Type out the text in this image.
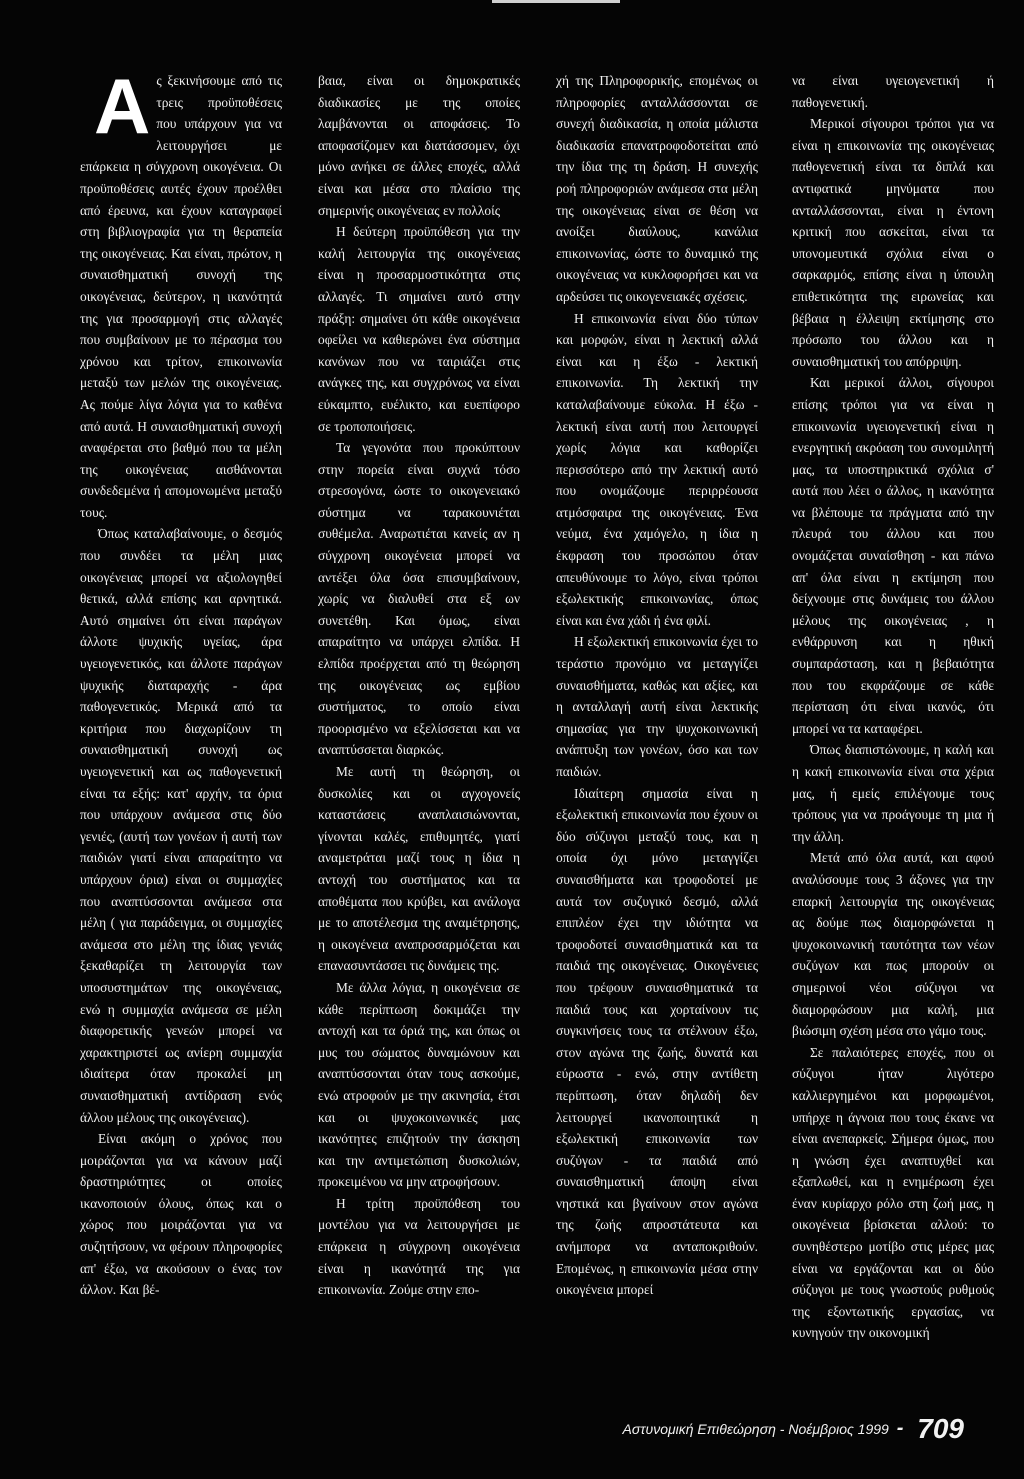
Ας ξεκινήσουμε από τις τρεις προϋποθέσεις που υπάρχουν για να λειτουργήσει με επάρκεια η σύγχρονη οικογένεια. Οι προϋποθέσεις αυτές έχουν προέλθει από έρευνα, και έχουν καταγραφεί στη βιβλιογραφία για τη θεραπεία της οικογένειας. Και είναι, πρώτον, η συναισθηματική συνοχή της οικογένειας, δεύτερον, η ικανότητά της για προσαρμογή στις αλλαγές που συμβαίνουν με το πέρασμα του χρόνου και τρίτον, επικοινωνία μεταξύ των μελών της οικογένειας. Ας πούμε λίγα λόγια για το καθένα από αυτά. Η συναισθηματική συνοχή αναφέρεται στο βαθμό που τα μέλη της οικογένειας αισθάνονται συνδεδεμένα ή απομονωμένα μεταξύ τους.

Όπως καταλαβαίνουμε, ο δεσμός που συνδέει τα μέλη μιας οικογένειας μπορεί να αξιολογηθεί θετικά, αλλά επίσης και αρνητικά. Αυτό σημαίνει ότι είναι παράγων άλλοτε ψυχικής υγείας, άρα υγειογενετικός, και άλλοτε παράγων ψυχικής διαταραχής - άρα παθογενετικός. Μερικά από τα κριτήρια που διαχωρίζουν τη συναισθηματική συνοχή ως υγειογενετική και ως παθογενετική είναι τα εξής: κατ' αρχήν, τα όρια που υπάρχουν ανάμεσα στις δύο γενιές, (αυτή των γονέων ή αυτή των παιδιών γιατί είναι απαραίτητο να υπάρχουν όρια) είναι οι συμμαχίες που αναπτύσσονται ανάμεσα στα μέλη ( για παράδειγμα, οι συμμαχίες ανάμεσα στο μέλη της ίδιας γενιάς ξεκαθαρίζει τη λειτουργία των υποσυστημάτων της οικογένειας, ενώ η συμμαχία ανάμεσα σε μέλη διαφορετικής γενεών μπορεί να χαρακτηριστεί ως ανίερη συμμαχία ιδιαίτερα όταν προκαλεί μη συναισθηματική αντίδραση ενός άλλου μέλους της οικογένειας).

Είναι ακόμη ο χρόνος που μοιράζονται για να κάνουν μαζί δραστηριότητες οι οποίες ικανοποιούν όλους, όπως και ο χώρος που μοιράζονται για να συζητήσουν, να φέρουν πληροφορίες απ' έξω, να ακούσουν ο ένας τον άλλον. Και βέ-

βαια, είναι οι δημοκρατικές διαδικασίες με της οποίες λαμβάνονται οι αποφάσεις. Το αποφασίζομεν και διατάσσομεν, όχι μόνο ανήκει σε άλλες εποχές, αλλά είναι και μέσα στο πλαίσιο της σημερινής οικογένειας εν πολλοίς

Η δεύτερη προϋπόθεση για την καλή λειτουργία της οικογένειας είναι η προσαρμοστικότητα στις αλλαγές. Τι σημαίνει αυτό στην πράξη: σημαίνει ότι κάθε οικογένεια οφείλει να καθιερώνει ένα σύστημα κανόνων που να ταιριάζει στις ανάγκες της, και συγχρόνως να είναι εύκαμπτο, ευέλικτο, και ευεπίφορο σε τροποποιήσεις.

Τα γεγονότα που προκύπτουν στην πορεία είναι συχνά τόσο στρεσογόνα, ώστε το οικογενειακό σύστημα να ταρακουνιέται συθέμελα. Αναρωτιέται κανείς αν η σύγχρονη οικογένεια μπορεί να αντέξει όλα όσα επισυμβαίνουν, χωρίς να διαλυθεί στα εξ ων συνετέθη. Και όμως, είναι απαραίτητο να υπάρχει ελπίδα. Η ελπίδα προέρχεται από τη θεώρηση της οικογένειας ως εμβίου συστήματος, το οποίο είναι προορισμένο να εξελίσσεται και να αναπτύσσεται διαρκώς.

Με αυτή τη θεώρηση, οι δυσκολίες και οι αγχογονείς καταστάσεις αναπλαισιώνονται, γίνονται καλές, επιθυμητές, γιατί αναμετράται μαζί τους η ίδια η αντοχή του συστήματος και τα αποθέματα που κρύβει, και ανάλογα με το αποτέλεσμα της αναμέτρησης, η οικογένεια αναπροσαρμόζεται και επανασυντάσσει τις δυνάμεις της.

Με άλλα λόγια, η οικογένεια σε κάθε περίπτωση δοκιμάζει την αντοχή και τα όριά της, και όπως οι μυς του σώματος δυναμώνουν και αναπτύσσονται όταν τους ασκούμε, ενώ ατροφούν με την ακινησία, έτσι και οι ψυχοκοινωνικές μας ικανότητες επιζητούν την άσκηση και την αντιμετώπιση δυσκολιών, προκειμένου να μην ατροφήσουν.

Η τρίτη προϋπόθεση του μοντέλου για να λειτουργήσει με επάρκεια η σύγχρονη οικογένεια είναι η ικανότητά της για επικοινωνία. Ζούμε στην επο-

χή της Πληροφορικής, επομένως οι πληροφορίες ανταλλάσσονται σε συνεχή διαδικασία, η οποία μάλιστα διαδικασία επανατροφοδοτείται από την ίδια της τη δράση. Η συνεχής ροή πληροφοριών ανάμεσα στα μέλη της οικογένειας είναι σε θέση να ανοίξει διαύλους, κανάλια επικοινωνίας, ώστε το δυναμικό της οικογένειας να κυκλοφορήσει και να αρδεύσει τις οικογενειακές σχέσεις.

Η επικοινωνία είναι δύο τύπων και μορφών, είναι η λεκτική αλλά είναι και η έξω - λεκτική επικοινωνία. Τη λεκτική την καταλαβαίνουμε εύκολα. Η έξω - λεκτική είναι αυτή που λειτουργεί χωρίς λόγια και καθορίζει περισσότερο από την λεκτική αυτό που ονομάζουμε περιρρέουσα ατμόσφαιρα της οικογένειας. Ένα νεύμα, ένα χαμόγελο, η ίδια η έκφραση του προσώπου όταν απευθύνουμε το λόγο, είναι τρόποι εξωλεκτικής επικοινωνίας, όπως είναι και ένα χάδι ή ένα φιλί.

Η εξωλεκτική επικοινωνία έχει το τεράστιο προνόμιο να μεταγγίζει συναισθήματα, καθώς και αξίες, και η ανταλλαγή αυτή είναι λεκτικής σημασίας για την ψυχοκοινωνική ανάπτυξη των γονέων, όσο και των παιδιών.

Ιδιαίτερη σημασία είναι η εξωλεκτική επικοινωνία που έχουν οι δύο σύζυγοι μεταξύ τους, και η οποία όχι μόνο μεταγγίζει συναισθήματα και τροφοδοτεί με αυτά τον συζυγικό δεσμό, αλλά επιπλέον έχει την ιδιότητα να τροφοδοτεί συναισθηματικά και τα παιδιά της οικογένειας. Οικογένειες που τρέφουν συναισθηματικά τα παιδιά τους και χορταίνουν τις συγκινήσεις τους τα στέλνουν έξω, στον αγώνα της ζωής, δυνατά και εύρωστα - ενώ, στην αντίθετη περίπτωση, όταν δηλαδή δεν λειτουργεί ικανοποιητικά η εξωλεκτική επικοινωνία των συζύγων - τα παιδιά από συναισθηματική άποψη είναι νηστικά και βγαίνουν στον αγώνα της ζωής απροστάτευτα και ανήμπορα να ανταποκριθούν. Επομένως, η επικοινωνία μέσα στην οικογένεια μπορεί

να είναι υγειογενετική ή παθογενετική.

Μερικοί σίγουροι τρόποι για να είναι η επικοινωνία της οικογένειας παθογενετική είναι τα διπλά και αντιφατικά μηνύματα που ανταλλάσσονται, είναι η έντονη κριτική που ασκείται, είναι τα υπονομευτικά σχόλια είναι ο σαρκαρμός, επίσης είναι η ύπουλη επιθετικότητα της ειρωνείας και βέβαια η έλλειψη εκτίμησης στο πρόσωπο του άλλου και η συναισθηματική του απόρριψη.

Και μερικοί άλλοι, σίγουροι επίσης τρόποι για να είναι η επικοινωνία υγειογενετική είναι η ενεργητική ακρόαση του συνομιλητή μας, τα υποστηρικτικά σχόλια σ' αυτά που λέει ο άλλος, η ικανότητα να βλέπουμε τα πράγματα από την πλευρά του άλλου και που ονομάζεται συναίσθηση - και πάνω απ' όλα είναι η εκτίμηση που δείχνουμε στις δυνάμεις του άλλου μέλους της οικογένειας , η ενθάρρυνση και η ηθική συμπαράσταση, και η βεβαιότητα που του εκφράζουμε σε κάθε περίσταση ότι είναι ικανός, ότι μπορεί να τα καταφέρει.

Όπως διαπιστώνουμε, η καλή και η κακή επικοινωνία είναι στα χέρια μας, ή εμείς επιλέγουμε τους τρόπους για να προάγουμε τη μια ή την άλλη.

Μετά από όλα αυτά, και αφού αναλύσουμε τους 3 άξονες για την επαρκή λειτουργία της οικογένειας ας δούμε πως διαμορφώνεται η ψυχοκοινωνική ταυτότητα των νέων συζύγων και πως μπορούν οι σημερινοί νέοι σύζυγοι να διαμορφώσουν μια καλή, μια βιώσιμη σχέση μέσα στο γάμο τους.

Σε παλαιότερες εποχές, που οι σύζυγοι ήταν λιγότερο καλλιεργημένοι και μορφωμένοι, υπήρχε η άγνοια που τους έκανε να είναι ανεπαρκείς. Σήμερα όμως, που η γνώση έχει αναπτυχθεί και εξαπλωθεί, και η ενημέρωση έχει έναν κυρίαρχο ρόλο στη ζωή μας, η οικογένεια βρίσκεται αλλού: το συνηθέστερο μοτίβο στις μέρες μας είναι να εργάζονται και οι δύο σύζυγοι με τους γνωστούς ρυθμούς της εξοντωτικής εργασίας, να κυνηγούν την οικονομική

Αστυνομική Επιθεώρηση - Νοέμβριος 1999 - 709
